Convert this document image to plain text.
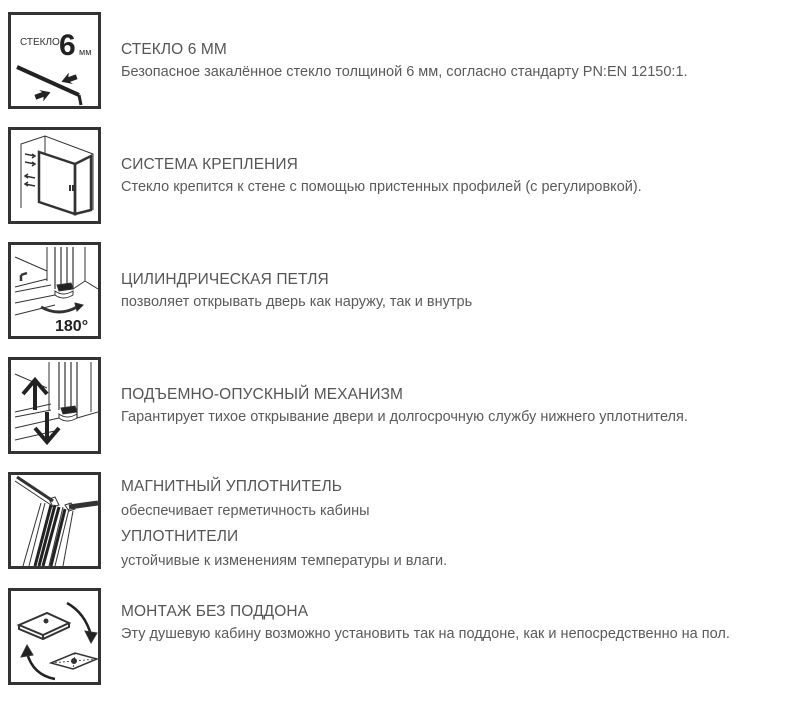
СТЕКЛО 6 мм СТЕКЛО 6 ММ
Безопасное закалённое стекло толщиной 6 мм, согласно стандарту PN:EN 12150:1.
СИСТЕМА КРЕПЛЕНИЯ
Стекло крепится к стене с помощью пристенных профилей (с регулировкой).
180°
ЦИЛИНДРИЧЕСКАЯ ПЕТЛЯ
позволяет открывать дверь как наружу, так и внутрь
ПОДЪЕМНО-ОПУСКНЫЙ МЕХАНИЗМ
Гарантирует тихое открывание двери и долгосрочную службу нижнего уплотнителя.
МАГНИТНЫЙ УПЛОТНИТЕЛЬ
обеспечивает герметичность кабины
УПЛОТНИТЕЛИ
устойчивые к изменениям температуры и влаги.
МОНТАЖ БЕЗ ПОДДОНА
Эту душевую кабину возможно установить так на поддоне, как и непосредственно на пол.
